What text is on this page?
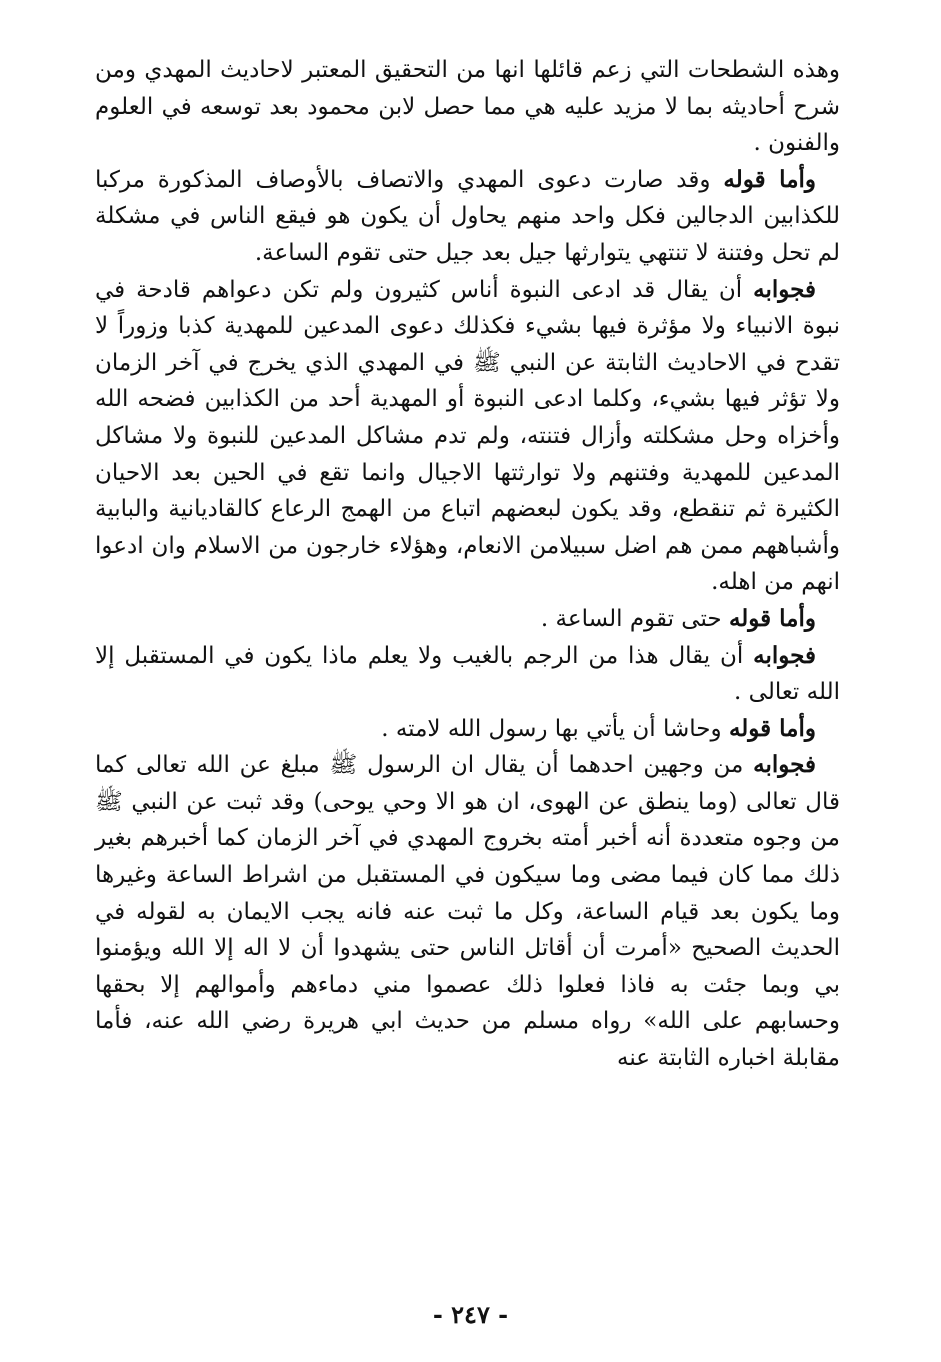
وهذه الشطحات التي زعم قائلها انها من التحقيق المعتبر لاحاديث المهدي ومن شرح أحاديثه بما لا مزيد عليه هي مما حصل لابن محمود بعد توسعه في العلوم والفنون .

وأما قوله وقد صارت دعوى المهدي والاتصاف بالأوصاف المذكورة مركبا للكذابين الدجالين فكل واحد منهم يحاول أن يكون هو فيقع الناس في مشكلة لم تحل وفتنة لا تنتهي يتوارثها جيل بعد جيل حتى تقوم الساعة.

فجوابه أن يقال قد ادعى النبوة أناس كثيرون ولم تكن دعواهم قادحة في نبوة الانبياء ولا مؤثرة فيها بشيء فكذلك دعوى المدعين للمهدية كذبا وزوراً لا تقدح في الاحاديث الثابتة عن النبي ﷺ في المهدي الذي يخرج في آخر الزمان ولا تؤثر فيها بشيء، وكلما ادعى النبوة أو المهدية أحد من الكذابين فضحه الله وأخزاه وحل مشكلته وأزال فتنته، ولم تدم مشاكل المدعين للنبوة ولا مشاكل المدعين للمهدية وفتنهم ولا توارثتها الاجيال وانما تقع في الحين بعد الاحيان الكثيرة ثم تنقطع، وقد يكون لبعضهم اتباع من الهمج الرعاع كالقاديانية والبابية وأشباههم ممن هم اضل سبيلامن الانعام، وهؤلاء خارجون من الاسلام وان ادعوا انهم من اهله.

وأما قوله حتى تقوم الساعة .

فجوابه أن يقال هذا من الرجم بالغيب ولا يعلم ماذا يكون في المستقبل إلا الله تعالى .

وأما قوله وحاشا أن يأتي بها رسول الله لامته .

فجوابه من وجهين احدهما أن يقال ان الرسول ﷺ مبلغ عن الله تعالى كما قال تعالى (وما ينطق عن الهوى، ان هو الا وحي يوحى) وقد ثبت عن النبي ﷺ من وجوه متعددة أنه أخبر أمته بخروج المهدي في آخر الزمان كما أخبرهم بغير ذلك مما كان فيما مضى وما سيكون في المستقبل من اشراط الساعة وغيرها وما يكون بعد قيام الساعة، وكل ما ثبت عنه فانه يجب الايمان به لقوله في الحديث الصحيح «أمرت أن أقاتل الناس حتى يشهدوا أن لا اله إلا الله ويؤمنوا بي وبما جئت به فاذا فعلوا ذلك عصموا مني دماءهم وأموالهم إلا بحقها وحسابهم على الله» رواه مسلم من حديث ابي هريرة رضي الله عنه، فأما مقابلة اخباره الثابتة عنه

- ٢٤٧ -
